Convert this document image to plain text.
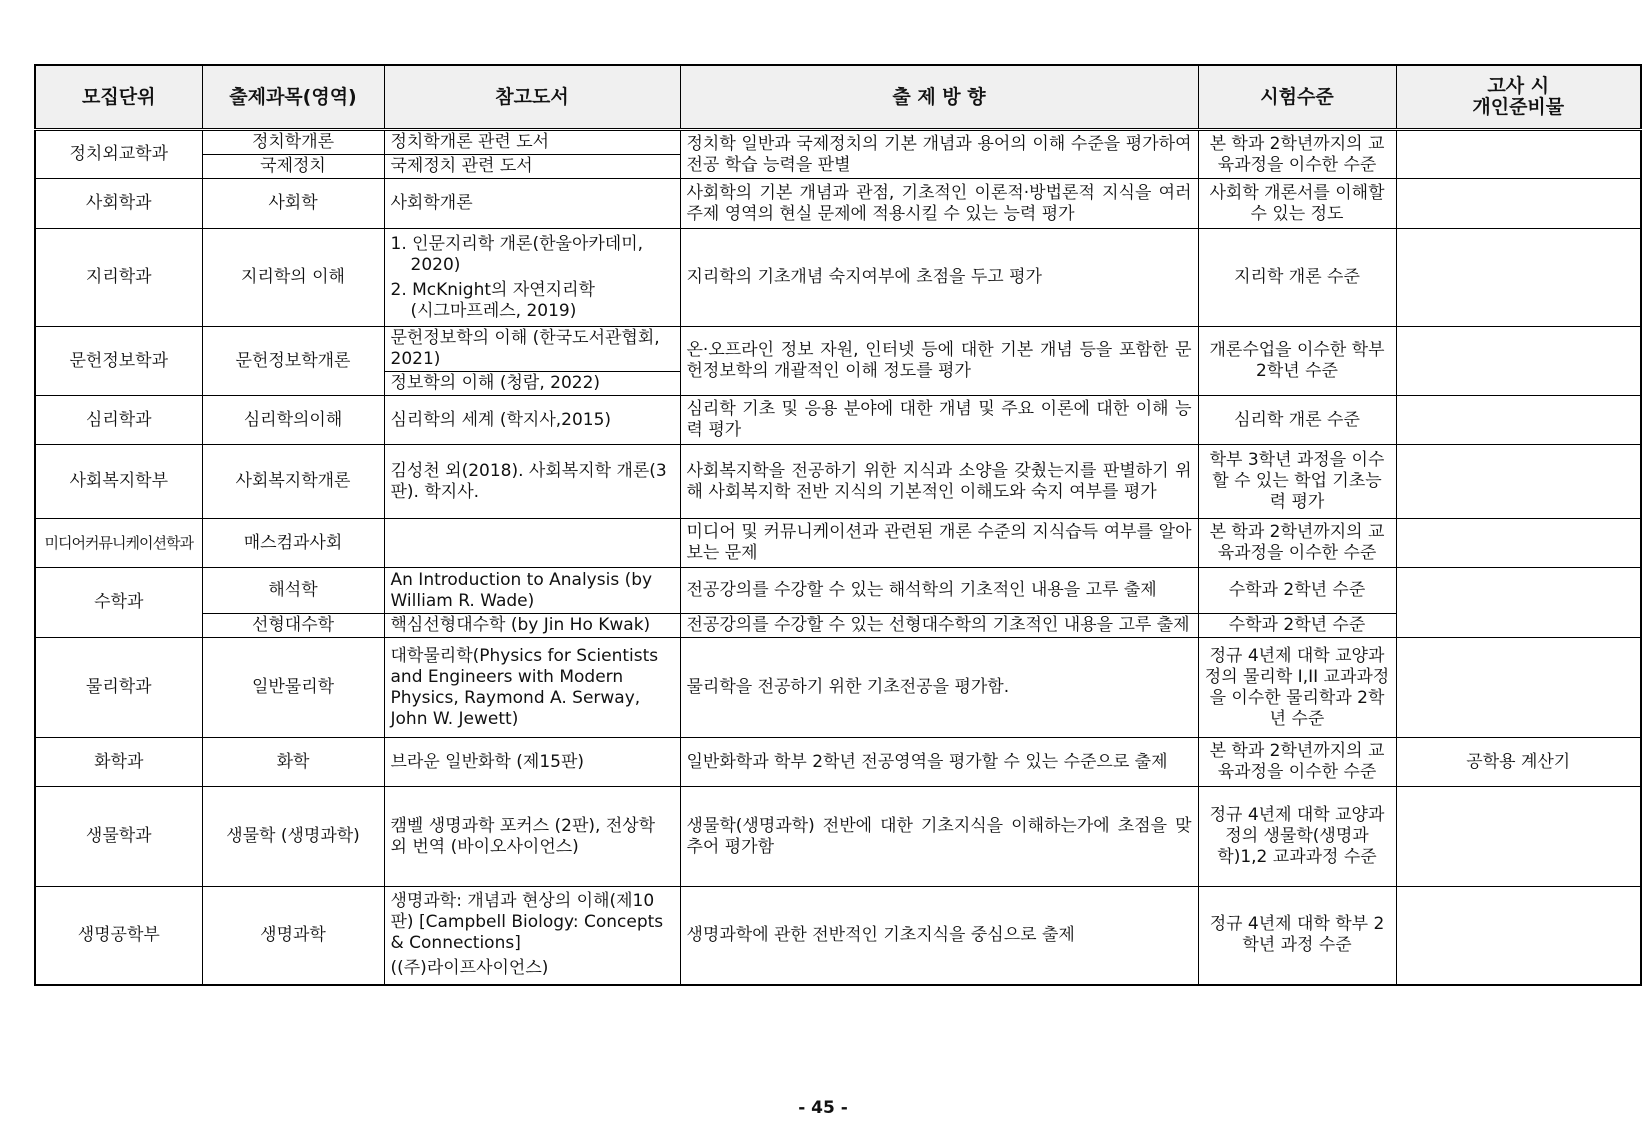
모집단위	출제과목(영역)	참고도서	출 제 방 향	시험수준	고사 시
개인준비물

정치외교학과	정치학개론	정치학개론 관련 도서	정치학 일반과 국제정치의 기본 개념과 용어의 이해 수준을 평가하여 전공 학습 능력을 판별	본 학과 2학년까지의 교육과정을 이수한 수준	
	국제정치	국제정치 관련 도서			
사회학과	사회학	사회학개론	사회학의 기본 개념과 관점, 기초적인 이론적·방법론적 지식을 여러 주제 영역의 현실 문제에 적용시킬 수 있는 능력 평가	사회학 개론서를 이해할 수 있는 정도	
지리학과	지리학의 이해	1. 인문지리학 개론(한울아카데미,
2020)
2. McKnight의 자연지리학
(시그마프레스, 2019)	지리학의 기초개념 숙지여부에 초점을 두고 평가	지리학 개론 수준	
문헌정보학과	문헌정보학개론	문헌정보학의 이해 (한국도서관협회, 2021)	온·오프라인 정보 자원, 인터넷 등에 대한 기본 개념 등을 포함한 문헌정보학의 개괄적인 이해 정도를 평가	개론수업을 이수한 학부 2학년 수준	
		정보학의 이해 (청람, 2022)			
심리학과	심리학의이해	심리학의 세계 (학지사,2015)	심리학 기초 및 응용 분야에 대한 개념 및 주요 이론에 대한 이해 능력 평가	심리학 개론 수준	
사회복지학부	사회복지학개론	김성천 외(2018). 사회복지학 개론(3판). 학지사.	사회복지학을 전공하기 위한 지식과 소양을 갖췄는지를 판별하기 위해 사회복지학 전반 지식의 기본적인 이해도와 숙지 여부를 평가	학부 3학년 과정을 이수할 수 있는 학업 기초능력 평가	
미디어커뮤니케이션학과	매스컴과사회		미디어 및 커뮤니케이션과 관련된 개론 수준의 지식습득 여부를 알아보는 문제	본 학과 2학년까지의 교육과정을 이수한 수준	
수학과	해석학	An Introduction to Analysis (by William R. Wade)	전공강의를 수강할 수 있는 해석학의 기초적인 내용을 고루 출제	수학과 2학년 수준	
	선형대수학	핵심선형대수학 (by Jin Ho Kwak)	전공강의를 수강할 수 있는 선형대수학의 기초적인 내용을 고루 출제	수학과 2학년 수준	
물리학과	일반물리학	대학물리학(Physics for Scientists and Engineers with Modern Physics, Raymond A. Serway, John W. Jewett)	물리학을 전공하기 위한 기초전공을 평가함.	정규 4년제 대학 교양과정의 물리학 I,II 교과과정을 이수한 물리학과 2학년 수준	
화학과	화학	브라운 일반화학 (제15판)	일반화학과 학부 2학년 전공영역을 평가할 수 있는 수준으로 출제	본 학과 2학년까지의 교육과정을 이수한 수준	공학용 계산기
생물학과	생물학 (생명과학)	캠벨 생명과학 포커스 (2판), 전상학 외 번역 (바이오사이언스)	생물학(생명과학) 전반에 대한 기초지식을 이해하는가에 초점을 맞추어 평가함	정규 4년제 대학 교양과정의 생물학(생명과학)1,2 교과과정 수준	
생명공학부	생명과학	생명과학: 개념과 현상의 이해(제10판) [Campbell Biology: Concepts & Connections]
((주)라이프사이언스)	생명과학에 관한 전반적인 기초지식을 중심으로 출제	정규 4년제 대학 학부 2학년 과정 수준	
- 45 -
